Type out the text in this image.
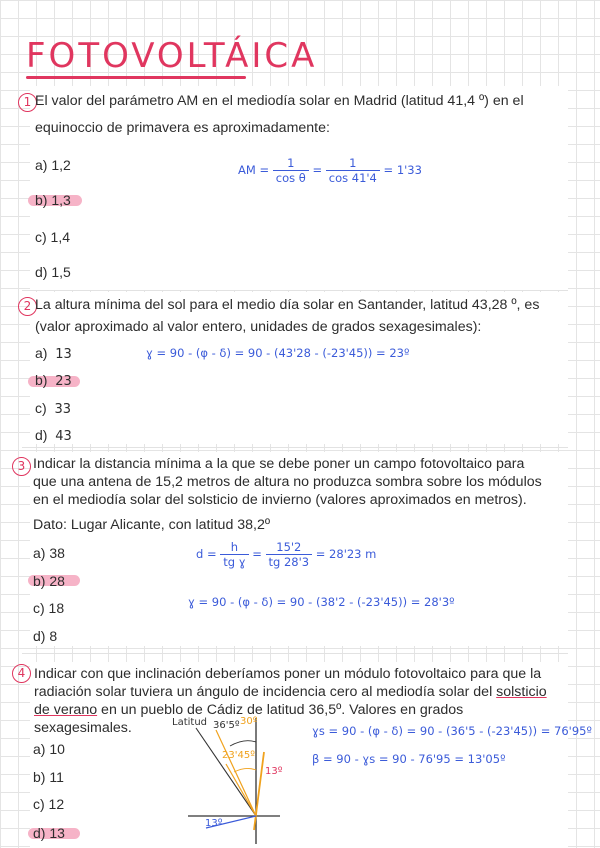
FOTOVOLTÁICA
1 El valor del parámetro AM en el mediodía solar en Madrid (latitud 41,4 º) en el
equinoccio de primavera es aproximadamente:
a) 1,2
b) 1,3
c) 1,4
d) 1,5
AM = $\frac{1}{\text{cos θ}} = \frac{1}{\cos 41'4} = 1'33$
2 La altura mínima del sol para el medio día solar en Santander, latitud 43,28 º, es
(valor aproximado al valor entero, unidades de grados sexagesimales):
a) 13
b) 23
c) 33
d) 43
ɣ = 90 - (φ - δ) = 90 - (43'28 - (-23'45)) = 23º
3 Indicar la distancia mínima a la que se debe poner un campo fotovoltaico para
que una antena de 15,2 metros de altura no produzca sombra sobre los módulos
en el mediodía solar del solsticio de invierno (valores aproximados en metros).
Dato: Lugar Alicante, con latitud 38,2º
a) 38
b) 28
c) 18
d) 8
$d = \frac{h}{\text{tg ɣ}} = \frac{15'2}{tg 28'3} = 28'23$ m
ɣ = 90 - (φ - δ) = 90 - (38'2 - (-23'45)) = 28'3º
4 Indicar con que inclinación deberíamos poner un módulo fotovoltaico para que la
radiación solar tuviera un ángulo de incidencia cero al mediodía solar del solsticio
de verano en un pueblo de Cádiz de latitud 36,5º. Valores en grados
sexagesimales.
a) 10
b) 11
c) 12
d) 13
ɣs = 90 - (φ - δ) = 90 - (36'5 - (-23'45)) = 76'95º
β = 90 - ɣs = 90 - 76'95 = 13'05º
Latitud 36'5º 30º
23'45º
13º
13º
